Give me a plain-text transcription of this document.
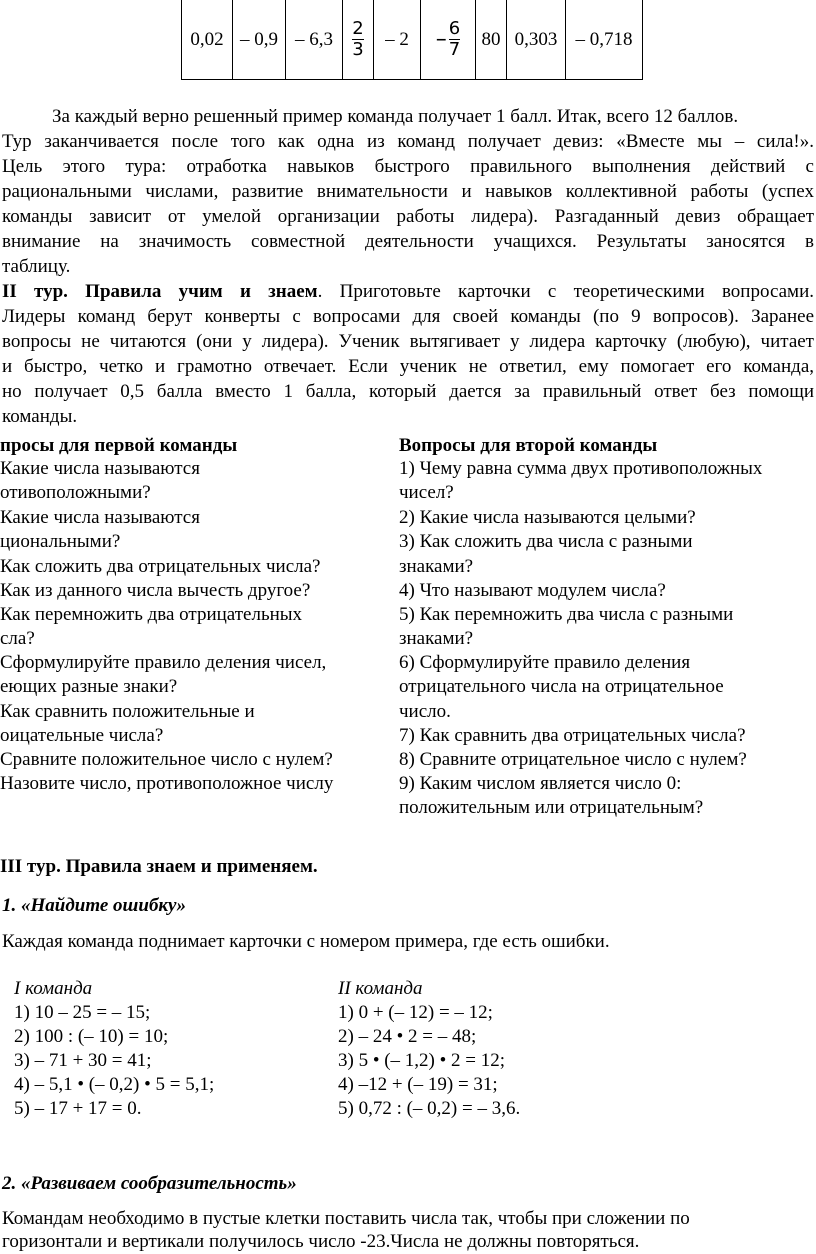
0,02	– 0,9	– 6,3	$\frac{2}{3}$	– 2	– $\frac{6}{7}$	80	0,303	– 0,718
За каждый верно решенный пример команда получает 1 балл. Итак, всего 12 баллов.
Тур заканчивается после того как одна из команд получает девиз: «Вместе мы – сила!».
Цель этого тура: отработка навыков быстрого правильного выполнения действий с
рациональными числами, развитие внимательности и навыков коллективной работы (успех
команды зависит от умелой организации работы лидера). Разгаданный девиз обращает
внимание на значимость совместной деятельности учащихся. Результаты заносятся в
таблицу.
II тур. Правила учим и знаем. Приготовьте карточки с теоретическими вопросами.
Лидеры команд берут конверты с вопросами для своей команды (по 9 вопросов). Заранее
вопросы не читаются (они у лидера). Ученик вытягивает у лидера карточку (любую), читает
и быстро, четко и грамотно отвечает. Если ученик не ответил, ему помогает его команда,
но получает 0,5 балла вместо 1 балла, который дается за правильный ответ без помощи
команды.
просы для первой команды
Какие числа называются
отивоположными?
Какие числа называются
циональными?
Как сложить два отрицательных числа?
Как из данного числа вычесть другое?
Как перемножить два отрицательных
сла?
Сформулируйте правило деления чисел,
еющих разные знаки?
Как сравнить положительные и
оицательные числа?
Сравните положительное число с нулем?
Назовите число, противоположное числу
Вопросы для второй команды
1) Чему равна сумма двух противоположных
чисел?
2) Какие числа называются целыми?
3) Как сложить два числа с разными
знаками?
4) Что называют модулем числа?
5) Как перемножить два числа с разными
знаками?
6) Сформулируйте правило деления
отрицательного числа на отрицательное
число.
7) Как сравнить два отрицательных числа?
8) Сравните отрицательное число с нулем?
9) Каким числом является число 0:
положительным или отрицательным?
III тур. Правила знаем и применяем.
1. «Найдите ошибку»
Каждая команда поднимает карточки с номером примера, где есть ошибки.
I команда
1) 10 – 25 = – 15;
2) 100 : (– 10) = 10;
3) – 71 + 30 = 41;
4) – 5,1 • (– 0,2) • 5 = 5,1;
5) – 17 + 17 = 0.
II команда
1) 0 + (– 12) = – 12;
2) – 24 • 2 = – 48;
3) 5 • (– 1,2) • 2 = 12;
4) –12 + (– 19) = 31;
5) 0,72 : (– 0,2) = – 3,6.
2. «Развиваем сообразительность»
Командам необходимо в пустые клетки поставить числа так, чтобы при сложении по
горизонтали и вертикали получилось число -23.Числа не должны повторяться.
